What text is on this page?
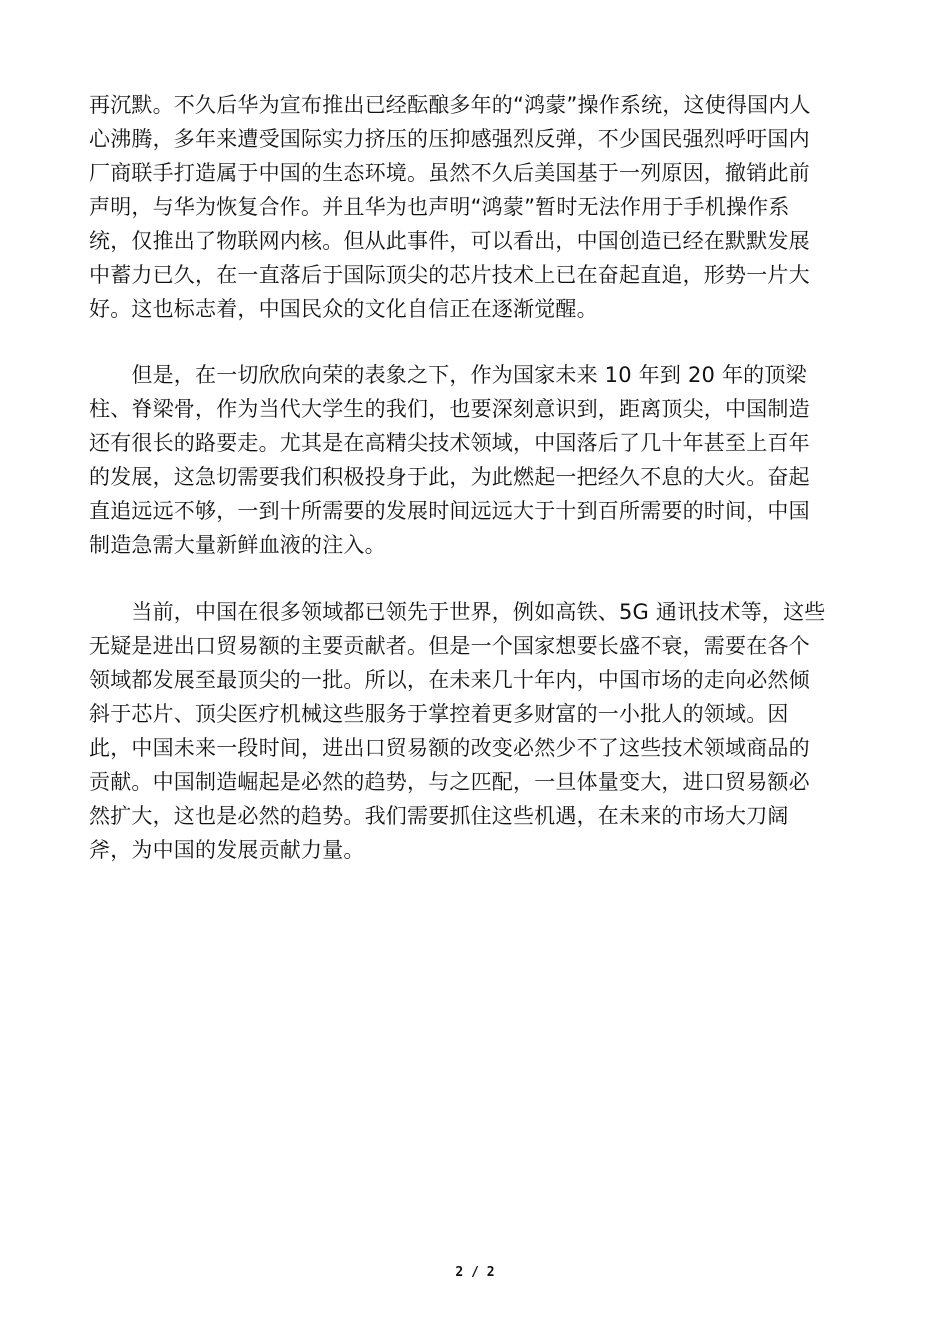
再沉默。不久后华为宣布推出已经酝酿多年的“鸿蒙”操作系统，这使得国内人
心沸腾，多年来遭受国际实力挤压的压抑感强烈反弹，不少国民强烈呼吁国内
厂商联手打造属于中国的生态环境。虽然不久后美国基于一列原因，撤销此前
声明，与华为恢复合作。并且华为也声明“鸿蒙”暂时无法作用于手机操作系
统，仅推出了物联网内核。但从此事件，可以看出，中国创造已经在默默发展
中蓄力已久，在一直落后于国际顶尖的芯片技术上已在奋起直追，形势一片大
好。这也标志着，中国民众的文化自信正在逐渐觉醒。
　　但是，在一切欣欣向荣的表象之下，作为国家未来 10 年到 20 年的顶梁
柱、脊梁骨，作为当代大学生的我们，也要深刻意识到，距离顶尖，中国制造
还有很长的路要走。尤其是在高精尖技术领域，中国落后了几十年甚至上百年
的发展，这急切需要我们积极投身于此，为此燃起一把经久不息的大火。奋起
直追远远不够，一到十所需要的发展时间远远大于十到百所需要的时间，中国
制造急需大量新鲜血液的注入。
　　当前，中国在很多领域都已领先于世界，例如高铁、5G 通讯技术等，这些
无疑是进出口贸易额的主要贡献者。但是一个国家想要长盛不衰，需要在各个
领域都发展至最顶尖的一批。所以，在未来几十年内，中国市场的走向必然倾
斜于芯片、顶尖医疗机械这些服务于掌控着更多财富的一小批人的领域。因
此，中国未来一段时间，进出口贸易额的改变必然少不了这些技术领域商品的
贡献。中国制造崛起是必然的趋势，与之匹配，一旦体量变大，进口贸易额必
然扩大，这也是必然的趋势。我们需要抓住这些机遇，在未来的市场大刀阔
斧，为中国的发展贡献力量。
2 / 2
